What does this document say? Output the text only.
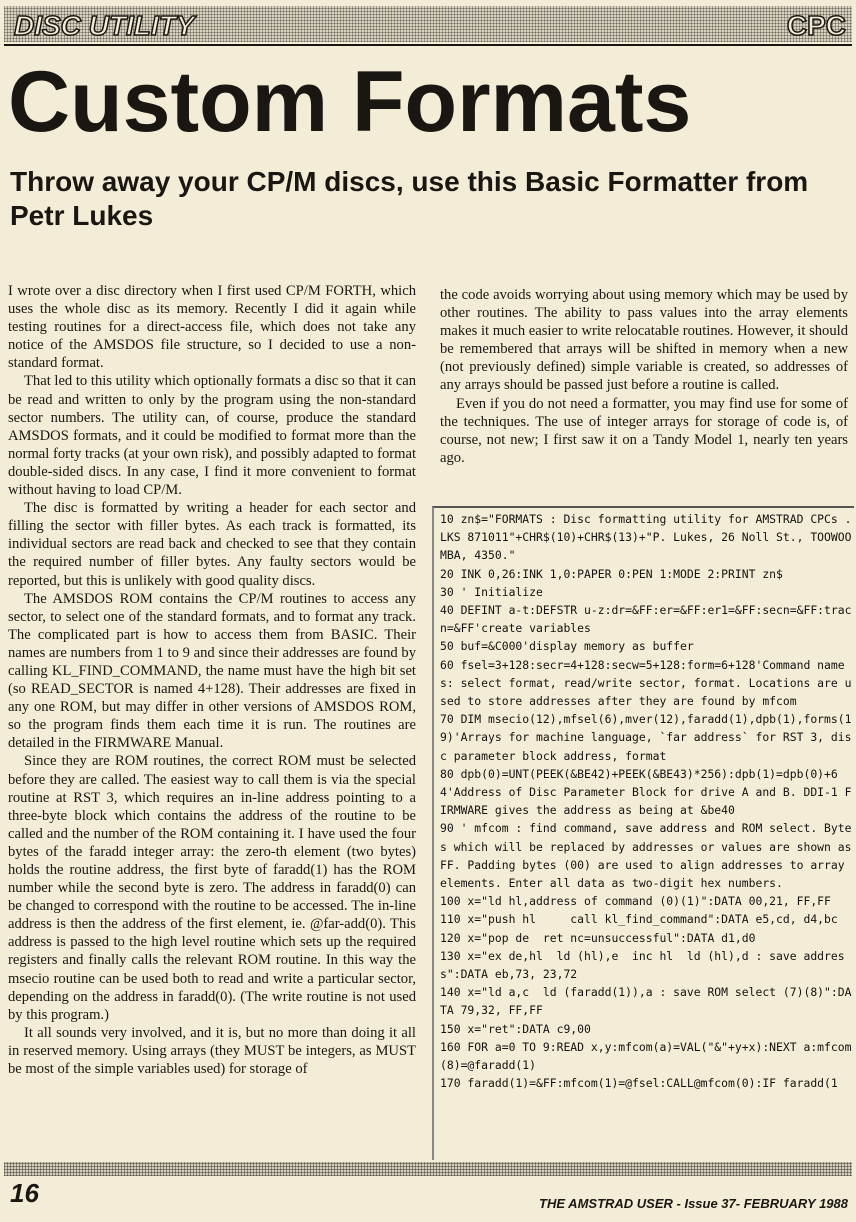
DISC UTILITY	CPC
Custom Formats
Throw away your CP/M discs, use this Basic Formatter from Petr Lukes

I wrote over a disc directory when I first used CP/M FORTH, which uses the whole disc as its memory. Recently I did it again while testing routines for a direct-access file, which does not take any notice of the AMSDOS file structure, so I decided to use a non-standard format.

That led to this utility which optionally formats a disc so that it can be read and written to only by the program using the non-standard sector numbers. The utility can, of course, produce the standard AMSDOS formats, and it could be modified to format more than the normal forty tracks (at your own risk), and possibly adapted to format double-sided discs. In any case, I find it more convenient to format without having to load CP/M.

The disc is formatted by writing a header for each sector and filling the sector with filler bytes. As each track is formatted, its individual sectors are read back and checked to see that they contain the required number of filler bytes. Any faulty sectors would be reported, but this is unlikely with good quality discs.

The AMSDOS ROM contains the CP/M routines to access any sector, to select one of the standard formats, and to format any track. The complicated part is how to access them from BASIC. Their names are numbers from 1 to 9 and since their addresses are found by calling KL_FIND_COMMAND, the name must have the high bit set (so READ_SECTOR is named 4+128). Their addresses are fixed in any one ROM, but may differ in other versions of AMSDOS ROM, so the program finds them each time it is run. The routines are detailed in the FIRMWARE Manual.

Since they are ROM routines, the correct ROM must be selected before they are called. The easiest way to call them is via the special routine at RST 3, which requires an in-line address pointing to a three-byte block which contains the address of the routine to be called and the number of the ROM containing it. I have used the four bytes of the faradd integer array: the zero-th element (two bytes) holds the routine address, the first byte of faradd(1) has the ROM number while the second byte is zero. The address in faradd(0) can be changed to correspond with the routine to be accessed. The in-line address is then the address of the first element, ie. @far-add(0). This address is passed to the high level routine which sets up the required registers and finally calls the relevant ROM routine. In this way the msecio routine can be used both to read and write a particular sector, depending on the address in faradd(0). (The write routine is not used by this program.)

It all sounds very involved, and it is, but no more than doing it all in reserved memory. Using arrays (they MUST be integers, as MUST be most of the simple variables used) for storage of

the code avoids worrying about using memory which may be used by other routines. The ability to pass values into the array elements makes it much easier to write relocatable routines. However, it should be remembered that arrays will be shifted in memory when a new (not previously defined) simple variable is created, so addresses of any arrays should be passed just before a routine is called.

Even if you do not need a formatter, you may find use for some of the techniques. The use of integer arrays for storage of code is, of course, not new; I first saw it on a Tandy Model 1, nearly ten years ago.

10 zn$="FORMATS : Disc formatting utility for AMSTRAD CPCs . LKS 871011"+CHR$(10)+CHR$(13)+"P. Lukes, 26 Noll St., TOOWOOMBA, 4350."
20 INK 0,26:INK 1,0:PAPER 0:PEN 1:MODE 2:PRINT zn$
30 ' Initialize
40 DEFINT a-t:DEFSTR u-z:dr=&FF:er=&FF:er1=&FF:secn=&FF:tracn=&FF'create variables
50 buf=&C000'display memory as buffer
60 fsel=3+128:secr=4+128:secw=5+128:form=6+128'Command names: select format, read/write sector, format. Locations are used to store addresses after they are found by mfcom
70 DIM msecio(12),mfsel(6),mver(12),faradd(1),dpb(1),forms(19)'Arrays for machine language, `far address` for RST 3, disc parameter block address, format
80 dpb(0)=UNT(PEEK(&BE42)+PEEK(&BE43)*256):dpb(1)=dpb(0)+64'Address of Disc Parameter Block for drive A and B. DDI-1 FIRMWARE gives the address as being at &be40
90 ' mfcom : find command, save address and ROM select. Bytes which will be replaced by addresses or values are shown as FF. Padding bytes (00) are used to align addresses to array elements. Enter all data as two-digit hex numbers.
100 x="ld hl,address of command (0)(1)":DATA 00,21, FF,FF
110 x="push hl     call kl_find_command":DATA e5,cd, d4,bc
120 x="pop de  ret nc=unsuccessful":DATA d1,d0
130 x="ex de,hl  ld (hl),e  inc hl  ld (hl),d : save address":DATA eb,73, 23,72
140 x="ld a,c  ld (faradd(1)),a : save ROM select (7)(8)":DATA 79,32, FF,FF
150 x="ret":DATA c9,00
160 FOR a=0 TO 9:READ x,y:mfcom(a)=VAL("&"+y+x):NEXT a:mfcom(8)=@faradd(1)
170 faradd(1)=&FF:mfcom(1)=@fsel:CALL@mfcom(0):IF faradd(1
16	THE AMSTRAD USER - Issue 37- FEBRUARY 1988
